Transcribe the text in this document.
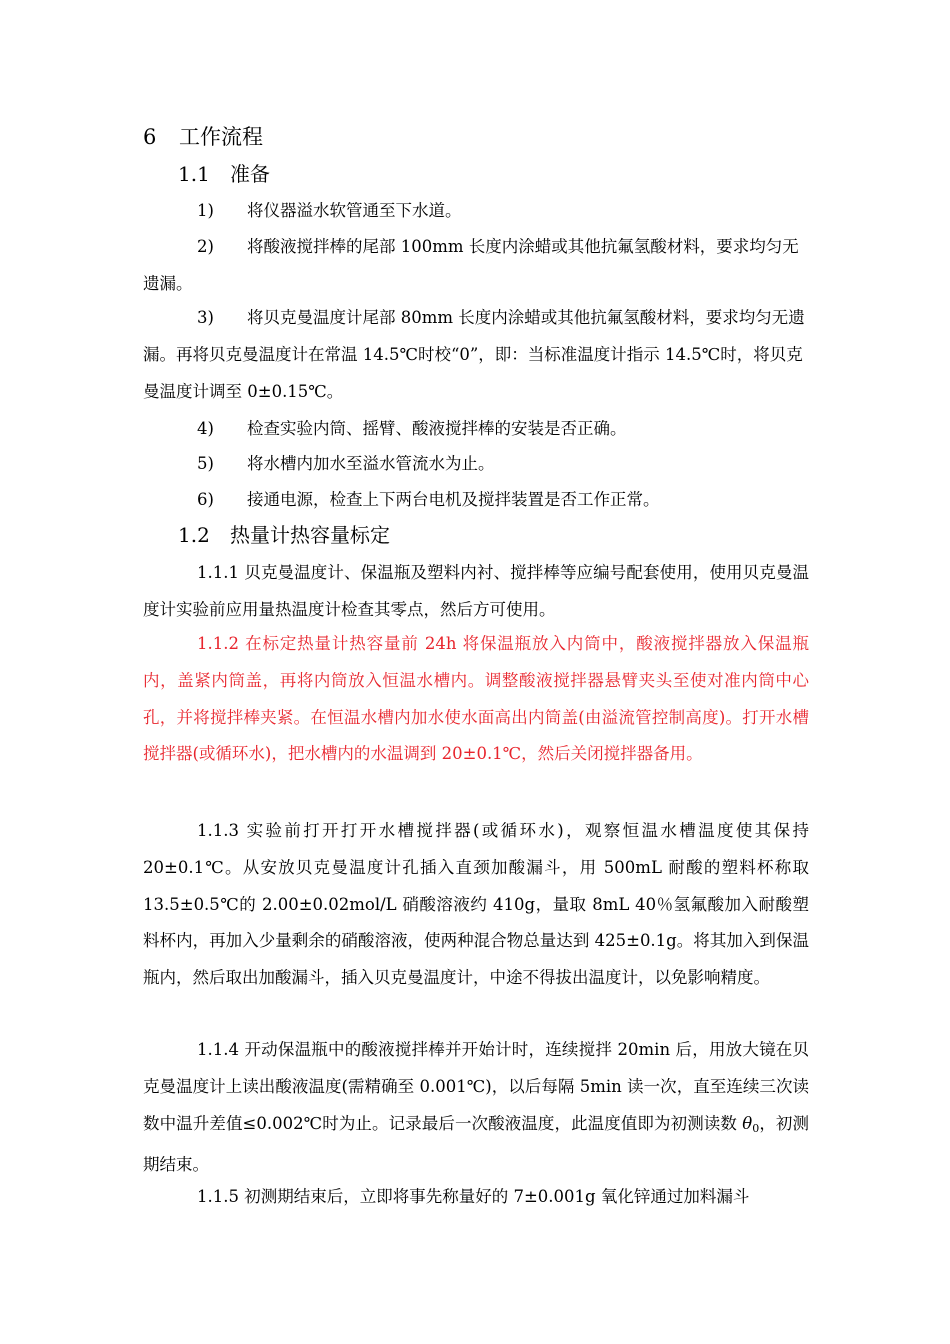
6 工作流程
1.1 准备
1) 将仪器溢水软管通至下水道。
2) 将酸液搅拌棒的尾部 100mm 长度内涂蜡或其他抗氟氢酸材料，要求均匀无遗漏。
3) 将贝克曼温度计尾部 80mm 长度内涂蜡或其他抗氟氢酸材料，要求均匀无遗漏。再将贝克曼温度计在常温 14.5℃时校“0”，即：当标准温度计指示 14.5℃时，将贝克曼温度计调至 0±0.15℃。
4) 检查实验内筒、摇臂、酸液搅拌棒的安装是否正确。
5) 将水槽内加水至溢水管流水为止。
6) 接通电源，检查上下两台电机及搅拌装置是否工作正常。
1.2 热量计热容量标定

1.1.1 贝克曼温度计、保温瓶及塑料内衬、搅拌棒等应编号配套使用，使用贝克曼温度计实验前应用量热温度计检查其零点，然后方可使用。

1.1.2 在标定热量计热容量前 24h 将保温瓶放入内筒中，酸液搅拌器放入保温瓶内，盖紧内筒盖，再将内筒放入恒温水槽内。调整酸液搅拌器悬臂夹头至使对准内筒中心孔，并将搅拌棒夹紧。在恒温水槽内加水使水面高出内筒盖(由溢流管控制高度)。打开水槽搅拌器(或循环水)，把水槽内的水温调到 20±0.1℃，然后关闭搅拌器备用。

1.1.3 实验前打开打开水槽搅拌器(或循环水)，观察恒温水槽温度使其保持 20±0.1℃。从安放贝克曼温度计孔插入直颈加酸漏斗，用 500mL 耐酸的塑料杯称取 13.5±0.5℃的 2.00±0.02mol/L 硝酸溶液约 410g，量取 8mL 40％氢氟酸加入耐酸塑料杯内，再加入少量剩余的硝酸溶液，使两种混合物总量达到 425±0.1g。将其加入到保温瓶内，然后取出加酸漏斗，插入贝克曼温度计，中途不得拔出温度计，以免影响精度。

1.1.4 开动保温瓶中的酸液搅拌棒并开始计时，连续搅拌 20min 后，用放大镜在贝克曼温度计上读出酸液温度(需精确至 0.001℃)，以后每隔 5min 读一次，直至连续三次读数中温升差值≤0.002℃时为止。记录最后一次酸液温度，此温度值即为初测读数 $\theta_0$，初测期结束。

1.1.5 初测期结束后，立即将事先称量好的 7±0.001g 氧化锌通过加料漏斗
